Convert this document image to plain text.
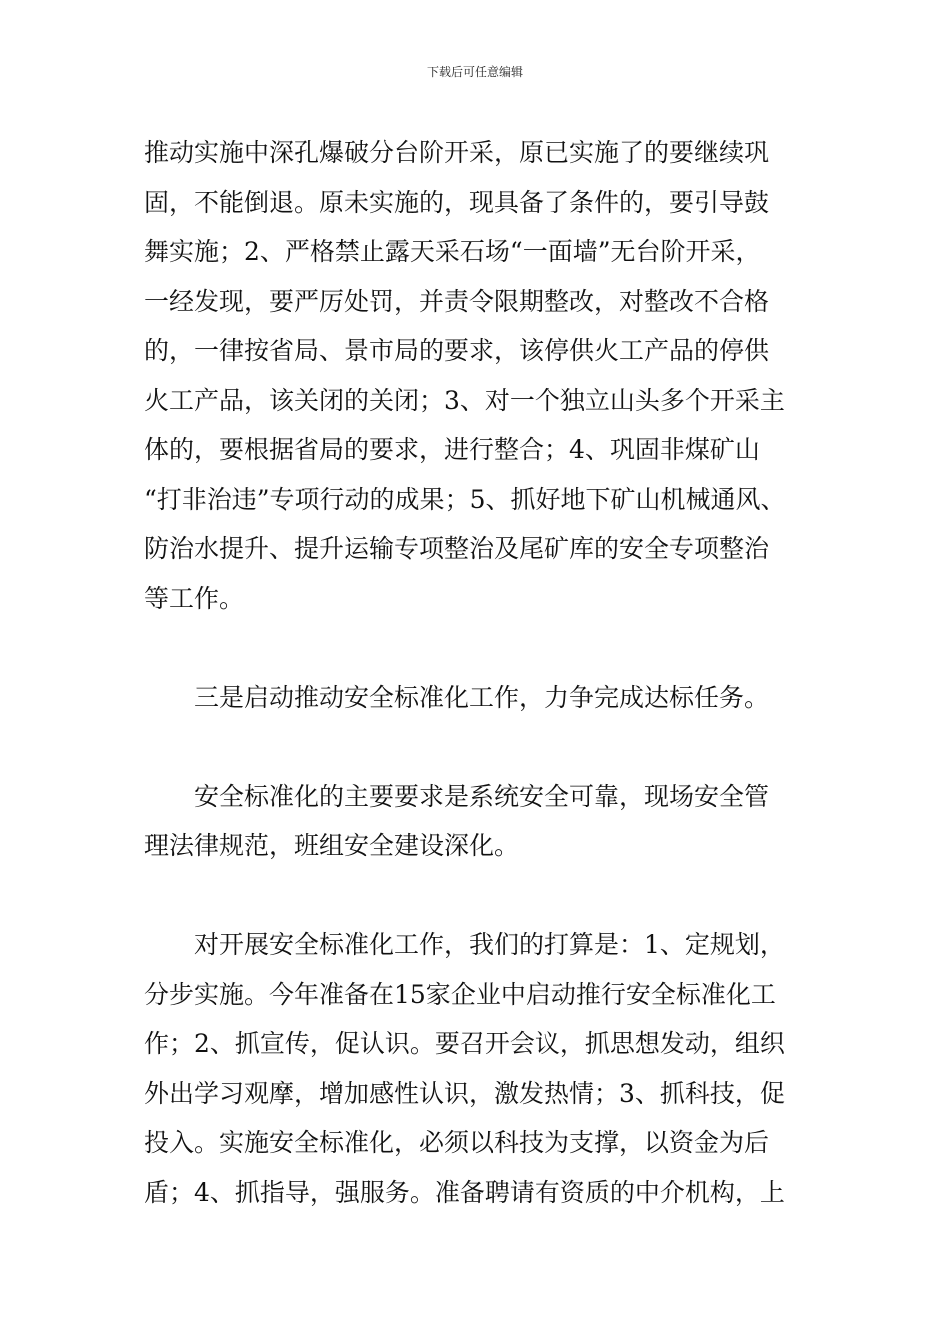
下载后可任意编辑

推动实施中深孔爆破分台阶开采，原已实施了的要继续巩
固，不能倒退。原未实施的，现具备了条件的，要引导鼓
舞实施；2、严格禁止露天采石场“一面墙”无台阶开采，
一经发现，要严厉处罚，并责令限期整改，对整改不合格
的，一律按省局、景市局的要求，该停供火工产品的停供
火工产品，该关闭的关闭；3、对一个独立山头多个开采主
体的，要根据省局的要求，进行整合；4、巩固非煤矿山
“打非治违”专项行动的成果；5、抓好地下矿山机械通风、
防治水提升、提升运输专项整治及尾矿库的安全专项整治
等工作。

　　三是启动推动安全标准化工作，力争完成达标任务。

　　安全标准化的主要要求是系统安全可靠，现场安全管
理法律规范，班组安全建设深化。

　　对开展安全标准化工作，我们的打算是：1、定规划，
分步实施。今年准备在15家企业中启动推行安全标准化工
作；2、抓宣传，促认识。要召开会议，抓思想发动，组织
外出学习观摩，增加感性认识，激发热情；3、抓科技，促
投入。实施安全标准化，必须以科技为支撑，以资金为后
盾；4、抓指导，强服务。准备聘请有资质的中介机构，上
